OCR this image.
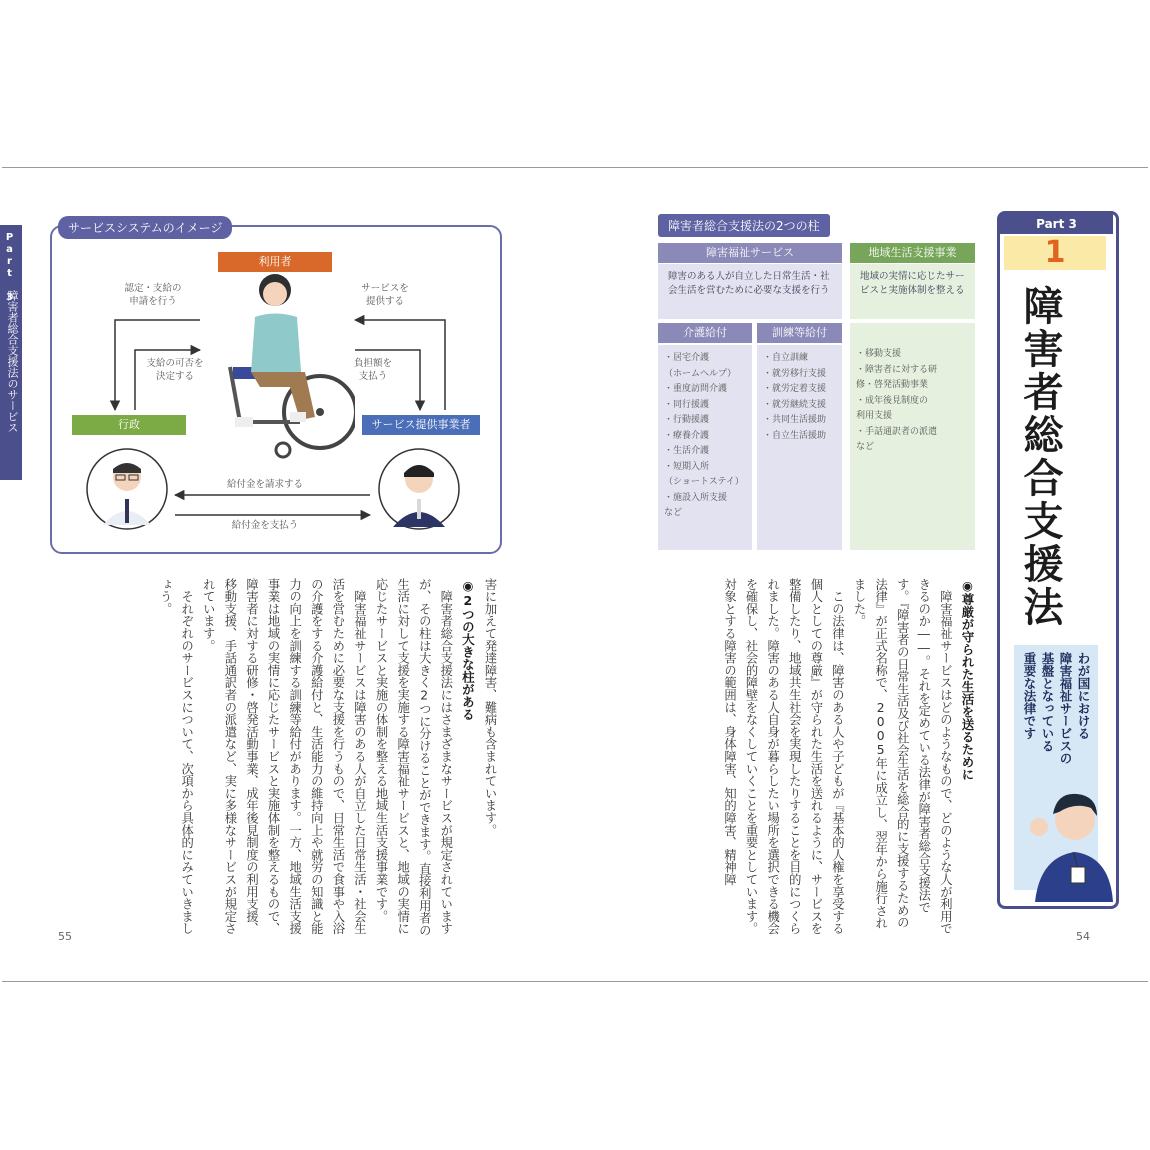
Part 3
障害者総合支援法のサービス
サービスシステムのイメージ
利用者
行政	サービス提供事業者
認定・支給の
申請を行う
支給の可否を
決定する
サービスを
提供する
負担額を
支払う
給付金を請求する
給付金を支払う
害に加えて発達障害、難病も含まれています。
◉2つの大きな柱がある
　障害者総合支援法にはさまざまなサービスが規定されていますが、その柱は大きく2つに分けることができます。直接利用者の生活に対して支援を実施する障害福祉サービスと、地域の実情に応じたサービスと実施の体制を整える地域生活支援事業です。
　障害福祉サービスは障害のある人が自立した日常生活・社会生活を営むために必要な支援を行うもので、日常生活で食事や入浴の介護をする介護給付と、生活能力の維持向上や就労の知識と能力の向上を訓練する訓練等給付があります。一方、地域生活支援事業は地域の実情に応じたサービスと実施体制を整えるもので、障害者に対する研修・啓発活動事業、成年後見制度の利用支援、移動支援、手話通訳者の派遣など、実に多様なサービスが規定されています。
　それぞれのサービスについて、次項から具体的にみていきましょう。
55
障害者総合支援法の2つの柱
障害福祉サービス
障害のある人が自立した日常生活・社会生活を営むために必要な支援を行う
介護給付
・居宅介護
（ホームヘルプ）
・重度訪問介護
・同行援護
・行動援護
・療養介護
・生活介護
・短期入所
（ショートステイ）
・施設入所支援
など
訓練等給付
・自立訓練
・就労移行支援
・就労定着支援
・就労継続支援
・共同生活援助
・自立生活援助
地域生活支援事業
地域の実情に応じたサービスと実施体制を整える
・移動支援
・障害者に対する研
修・啓発活動事業
・成年後見制度の
利用支援
・手話通訳者の派遣
など
◉尊厳が守られた生活を送るために
　障害福祉サービスはどのようなもので、どのような人が利用できるのか――。それを定めている法律が障害者総合支援法です。『障害者の日常生活及び社会生活を総合的に支援するための法律』が正式名称で、2005年に成立し、翌年から施行されました。
　この法律は、障害のある人や子どもが『基本的人権を享受する個人としての尊厳』が守られた生活を送れるように、サービスを整備したり、地域共生社会を実現したりすることを目的につくられました。障害のある人自身が暮らしたい場所を選択できる機会を確保し、社会的障壁をなくしていくことを重要としています。対象とする障害の範囲は、身体障害、知的障害、精神障
54
Part 3
1
障害者総合支援法
わが国における
障害福祉サービスの
基盤となっている
重要な法律です
